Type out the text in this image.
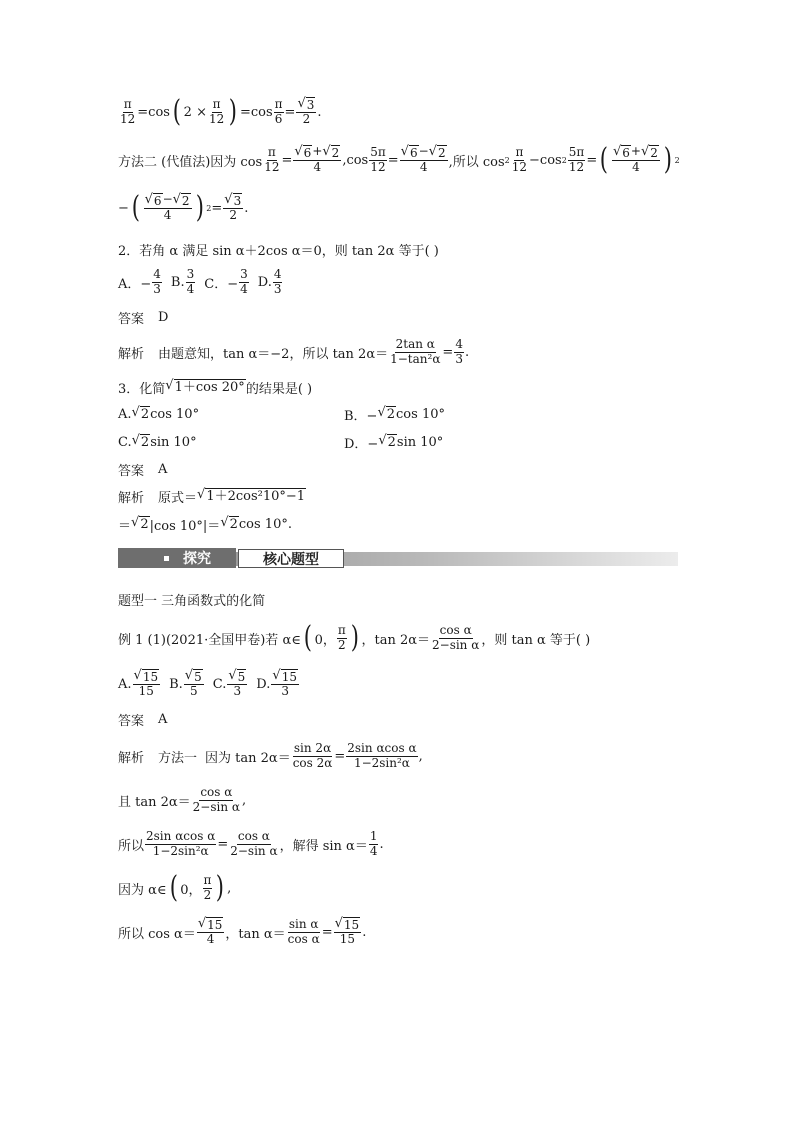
$\frac{\pi}{12} =\cos$ ( $2 \times \frac{\pi}{12}$ ) $=\cos \frac{\pi}{6} = \frac{√ 3}{2}$ .
方法二 (代值法)因为 $\cos \frac{\pi}{12} = \frac{√ 6 + √ 2}{4} ,\cos \frac{5\pi}{12} = \frac{√ 6 - √ 2}{4}$ ,所以 $\cos 2 \frac{\pi}{12} -\cos$ $2 \frac{5\pi}{12}$ = ( $\frac{√ 6 + √ 2}{4}$ ) 2
− ( $\frac{√ 6 - √ 2}{4}$ ) $2 = \frac{√ 3}{2}$ .
2．若角 α 满足 sin α＋2cos α＝0，则 tan 2α 等于( )
A．− $\frac{4}{3} B$. $\frac{3}{4}$ C．− $\frac{3}{4} D$. $\frac{4}{3}$
答案 D
解析 由题意知，tan α＝−2，所以 $\tan 2\alpha= \frac{\text{2tan α}}{\text{1−tan²α}} = \frac{4}{3}$ .
3．化简 √ 1＋cos 20° 的结果是( )
A. √ 2 cos 10°	B．− √ 2 cos 10°
C. √ 2 sin 10°	D．− √ 2 sin 10°
答案 A
解析 原式＝ √ 1＋2cos²10°−1
＝ √ 2 |cos 10°|＝ √ 2 cos 10°.
探究	核心题型
题型一 三角函数式的化简
例 1 (1)(2021·全国甲卷)若 α∈ ( 0， $\frac{\pi}{2}$ ) ，$\tan 2\alpha= \frac{\text{cos α}}{\text{2−sin α}}$ ，则 tan α 等于( )
A. $\frac{√ 15}{15} B$. $\frac{√ 5}{5} C$. $\frac{√ 5}{3} D$. $\frac{√ 15}{3}$
答案 A
解析 方法一 因为 $\tan 2\alpha= \frac{\sin 2\alpha}{\cos 2\alpha} = \frac{\text{2sin αcos α}}{\text{1−2sin²α}}$ ,
且 $\tan 2\alpha= \frac{\text{cos α}}{\text{2−sin α}}$ ,
所以 $\frac{\text{2sin αcos α}}{\text{1−2sin²α}} = \frac{\text{cos α}}{\text{2−sin α}}$ ，解得 $\sin \alpha= \frac{1}{4}$ .
因为 α∈ ( 0， $\frac{\pi}{2}$ ) ,
所以 $\cos \alpha= \frac{√ 15}{4}$ ，$\tan \alpha= \frac{\text{sin α}}{\text{cos α}} = \frac{√ 15}{15}$ .
